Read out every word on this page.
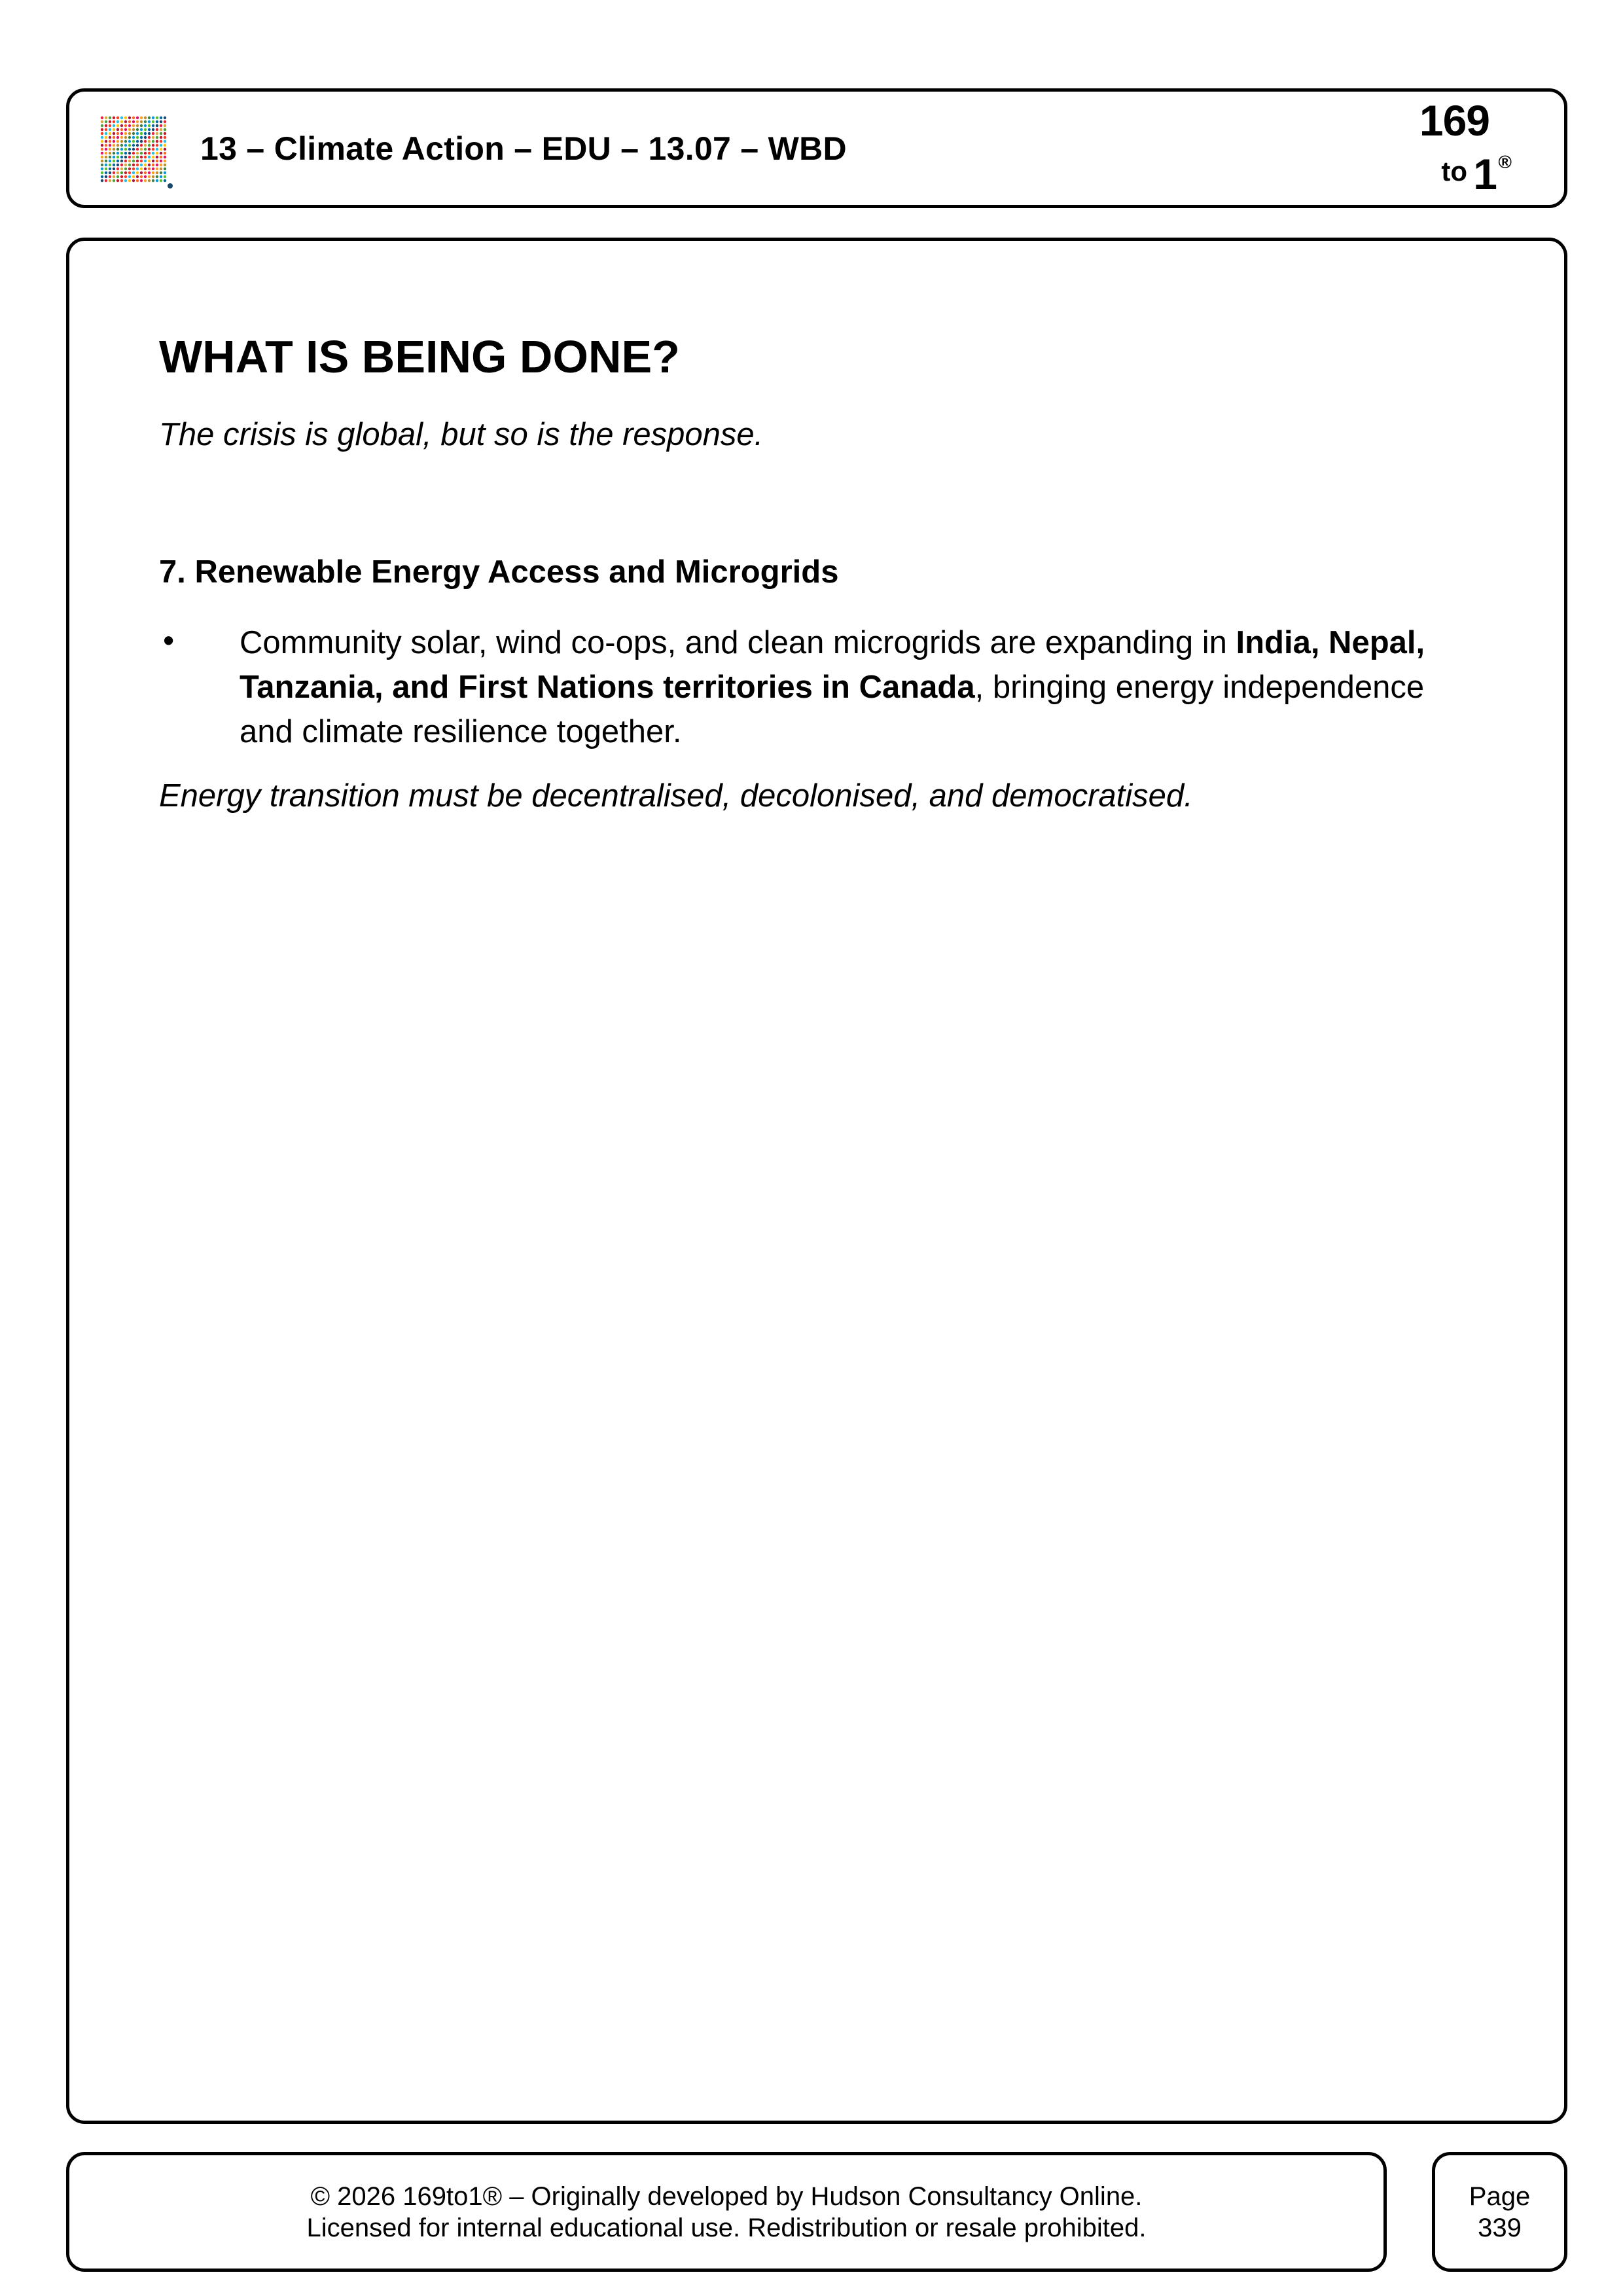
13 – Climate Action – EDU – 13.07 – WBD
169
to 1 ®
WHAT IS BEING DONE?
The crisis is global, but so is the response.
7. Renewable Energy Access and Microgrids
• Community solar, wind co-ops, and clean microgrids are expanding in India, Nepal, Tanzania, and First Nations territories in Canada, bringing energy independence and climate resilience together.
Energy transition must be decentralised, decolonised, and democratised.
© 2026 169to1® – Originally developed by Hudson Consultancy Online.
Licensed for internal educational use. Redistribution or resale prohibited.
Page
339
